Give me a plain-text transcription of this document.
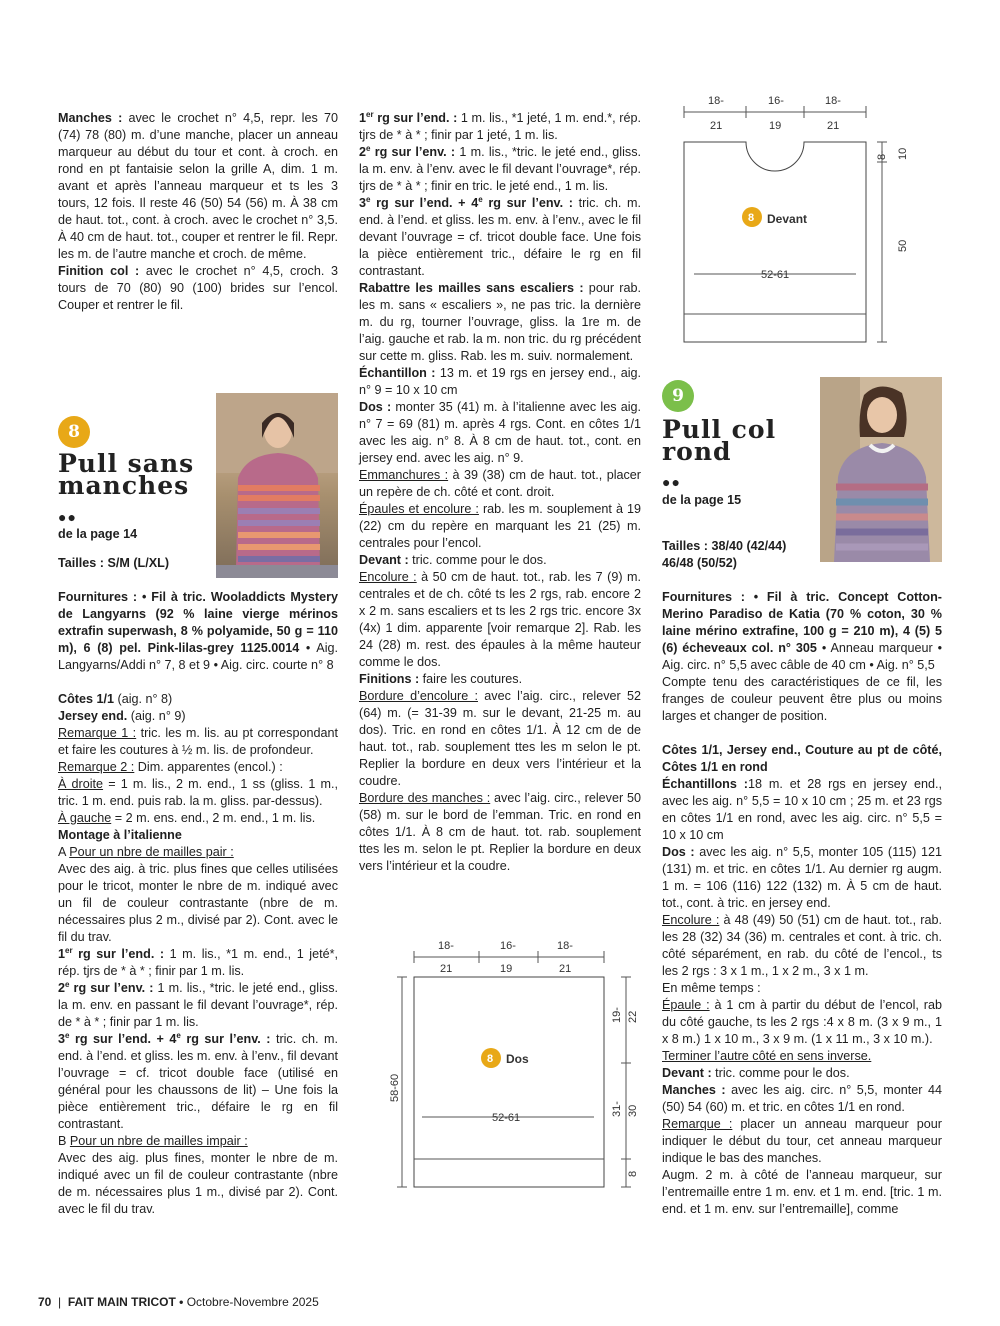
Manches : avec le crochet n° 4,5, repr. les 70 (74) 78 (80) m. d’une manche, placer un anneau marqueur au début du tour et cont. à croch. en rond en pt fantaisie selon la grille A, dim. 1 m. avant et après l’anneau marqueur et ts les 3 tours, 12 fois. Il reste 46 (50) 54 (56) m. À 38 cm de haut. tot., cont. à croch. avec le crochet n° 3,5. À 40 cm de haut. tot., couper et rentrer le fil. Repr. les m. de l’autre manche et croch. de même.

Finition col : avec le crochet n° 4,5, croch. 3 tours de 70 (80) 90 (100) brides sur l’encol. Couper et rentrer le fil.

8
Pull sans
manches
●●
de la page 14
Tailles : S/M (L/XL)

Fournitures : • Fil à tric. Wooladdicts Mystery de Langyarns (92 % laine vierge mérinos extrafin superwash, 8 % polyamide, 50 g = 110 m), 6 (8) pel. Pink-lilas-grey 1125.0014 • Aig. Langyarns/Addi n° 7, 8 et 9 • Aig. circ. courte n° 8

Côtes 1/1 (aig. n° 8)

Jersey end. (aig. n° 9)

Remarque 1 : tric. les m. lis. au pt correspondant et faire les coutures à ½ m. lis. de profondeur.

Remarque 2 : Dim. apparentes (encol.) :

À droite = 1 m. lis., 2 m. end., 1 ss (gliss. 1 m., tric. 1 m. end. puis rab. la m. gliss. par-dessus).

À gauche = 2 m. ens. end., 2 m. end., 1 m. lis.

Montage à l’italienne

A Pour un nbre de mailles pair :

Avec des aig. à tric. plus fines que celles utilisées pour le tricot, monter le nbre de m. indiqué avec un fil de couleur contrastante (nbre de m. nécessaires plus 2 m., divisé par 2). Cont. avec le fil du trav.

1er rg sur l’end. : 1 m. lis., *1 m. end., 1 jeté*, rép. tjrs de * à * ; finir par 1 m. lis.

2e rg sur l’env. : 1 m. lis., *tric. le jeté end., gliss. la m. env. en passant le fil devant l’ouvrage*, rép. de * à * ; finir par 1 m. lis.

3e rg sur l’end. + $4^e$ rg sur l’env. : tric. ch. m. end. à l’end. et gliss. les m. env. à l’env., fil devant l’ouvrage = cf. tricot double face (utilisé en général pour les chaussons de lit) – Une fois la pièce entièrement tric., défaire le rg en fil contrastant.

B Pour un nbre de mailles impair :

Avec des aig. plus fines, monter le nbre de m. indiqué avec un fil de couleur contrastante (nbre de m. nécessaires plus 1 m., divisé par 2). Cont. avec le fil du trav.

1er rg sur l’end. : 1 m. lis., *1 jeté, 1 m. end.*, rép. tjrs de * à * ; finir par 1 jeté, 1 m. lis.

2e rg sur l’env. : 1 m. lis., *tric. le jeté end., gliss. la m. env. à l’env. avec le fil devant l’ouvrage*, rép. tjrs de * à * ; finir en tric. le jeté end., 1 m. lis.

3e rg sur l’end. + $4^e$ rg sur l’env. : tric. ch. m. end. à l’end. et gliss. les m. env. à l’env., avec le fil devant l’ouvrage = cf. tricot double face. Une fois la pièce entièrement tric., défaire le rg en fil contrastant.

Rabattre les mailles sans escaliers : pour rab. les m. sans « escaliers », ne pas tric. la dernière m. du rg, tourner l’ouvrage, gliss. la 1re m. de l’aig. gauche et rab. la m. non tric. du rg précédent sur cette m. gliss. Rab. les m. suiv. normalement.

Échantillon : 13 m. et 19 rgs en jersey end., aig. n° 9 = 10 x 10 cm

Dos : monter 35 (41) m. à l’italienne avec les aig. n° 7 = 69 (81) m. après 4 rgs. Cont. en côtes 1/1 avec les aig. n° 8. À 8 cm de haut. tot., cont. en jersey end. avec les aig. n° 9.

Emmanchures : à 39 (38) cm de haut. tot., placer un repère de ch. côté et cont. droit.

Épaules et encolure : rab. les m. souplement à 19 (22) cm du repère en marquant les 21 (25) m. centrales pour l’encol.

Devant : tric. comme pour le dos.

Encolure : à 50 cm de haut. tot., rab. les 7 (9) m. centrales et de ch. côté ts les 2 rgs, rab. encore 2 x 2 m. sans escaliers et ts les 2 rgs tric. encore 3x (4x) 1 dim. apparente [voir remarque 2]. Rab. les 24 (28) m. rest. des épaules à la même hauteur comme le dos.

Finitions : faire les coutures.

Bordure d’encolure : avec l’aig. circ., relever 52 (64) m. (= 31-39 m. sur le devant, 21-25 m. au dos). Tric. en rond en côtes 1/1. À 12 cm de de haut. tot., rab. souplement ttes les m selon le pt. Replier la bordure en deux vers l’intérieur et la coudre.

Bordure des manches : avec l’aig. circ., relever 50 (58) m. sur le bord de l’emman. Tric. en rond en côtes 1/1. À 8 cm de haut. tot. rab. souplement ttes les m. selon le pt. Replier la bordure en deux vers l’intérieur et la coudre.

18-	16-	18-
21	19	21
8 Dos
52-61
58-60
19- 22
31- 30
8
18-	16-	18-
21	19	21
8 Devant
52-61
8- 10
50
9
Pull col
rond
●●
de la page 15
Tailles : 38/40 (42/44) 46/48 (50/52)

Fournitures : • Fil à tric. Concept Cotton-Merino Paradiso de Katia (70 % coton, 30 % laine mérino extrafine, 100 g = 210 m), 4 (5) 5 (6) écheveaux col. n° 305 • Anneau marqueur • Aig. circ. n° 5,5 avec câble de 40 cm • Aig. n° 5,5

Compte tenu des caractéristiques de ce fil, les franges de couleur peuvent être plus ou moins larges et changer de position.

Côtes 1/1, Jersey end., Couture au pt de côté, Côtes 1/1 en rond

Échantillons :18 m. et 28 rgs en jersey end., avec les aig. n° 5,5 = 10 x 10 cm ; 25 m. et 23 rgs en côtes 1/1 en rond, avec les aig. circ. n° 5,5 = 10 x 10 cm

Dos : avec les aig. n° 5,5, monter 105 (115) 121 (131) m. et tric. en côtes 1/1. Au dernier rg augm. 1 m. = 106 (116) 122 (132) m. À 5 cm de haut. tot., cont. à tric. en jersey end.

Encolure : à 48 (49) 50 (51) cm de haut. tot., rab. les 28 (32) 34 (36) m. centrales et cont. à tric. ch. côté séparément, en rab. du côté de l’encol., ts les 2 rgs : 3 x 1 m., 1 x 2 m., 3 x 1 m.

En même temps :

Épaule : à 1 cm à partir du début de l’encol, rab du côté gauche, ts les 2 rgs :4 x 8 m. (3 x 9 m., 1 x 8 m.) 1 x 10 m., 3 x 9 m. (1 x 11 m., 3 x 10 m.).

Terminer l’autre côté en sens inverse.

Devant : tric. comme pour le dos.

Manches : avec les aig. circ. n° 5,5, monter 44 (50) 54 (60) m. et tric. en côtes 1/1 en rond.

Remarque : placer un anneau marqueur pour indiquer le début du tour, cet anneau marqueur indique le bas des manches.

Augm. 2 m. à côté de l’anneau marqueur, sur l’entremaille entre 1 m. env. et 1 m. end. [tric. 1 m. end. et 1 m. env. sur l’entremaille], comme

70 | FAIT MAIN TRICOT • Octobre-Novembre 2025
